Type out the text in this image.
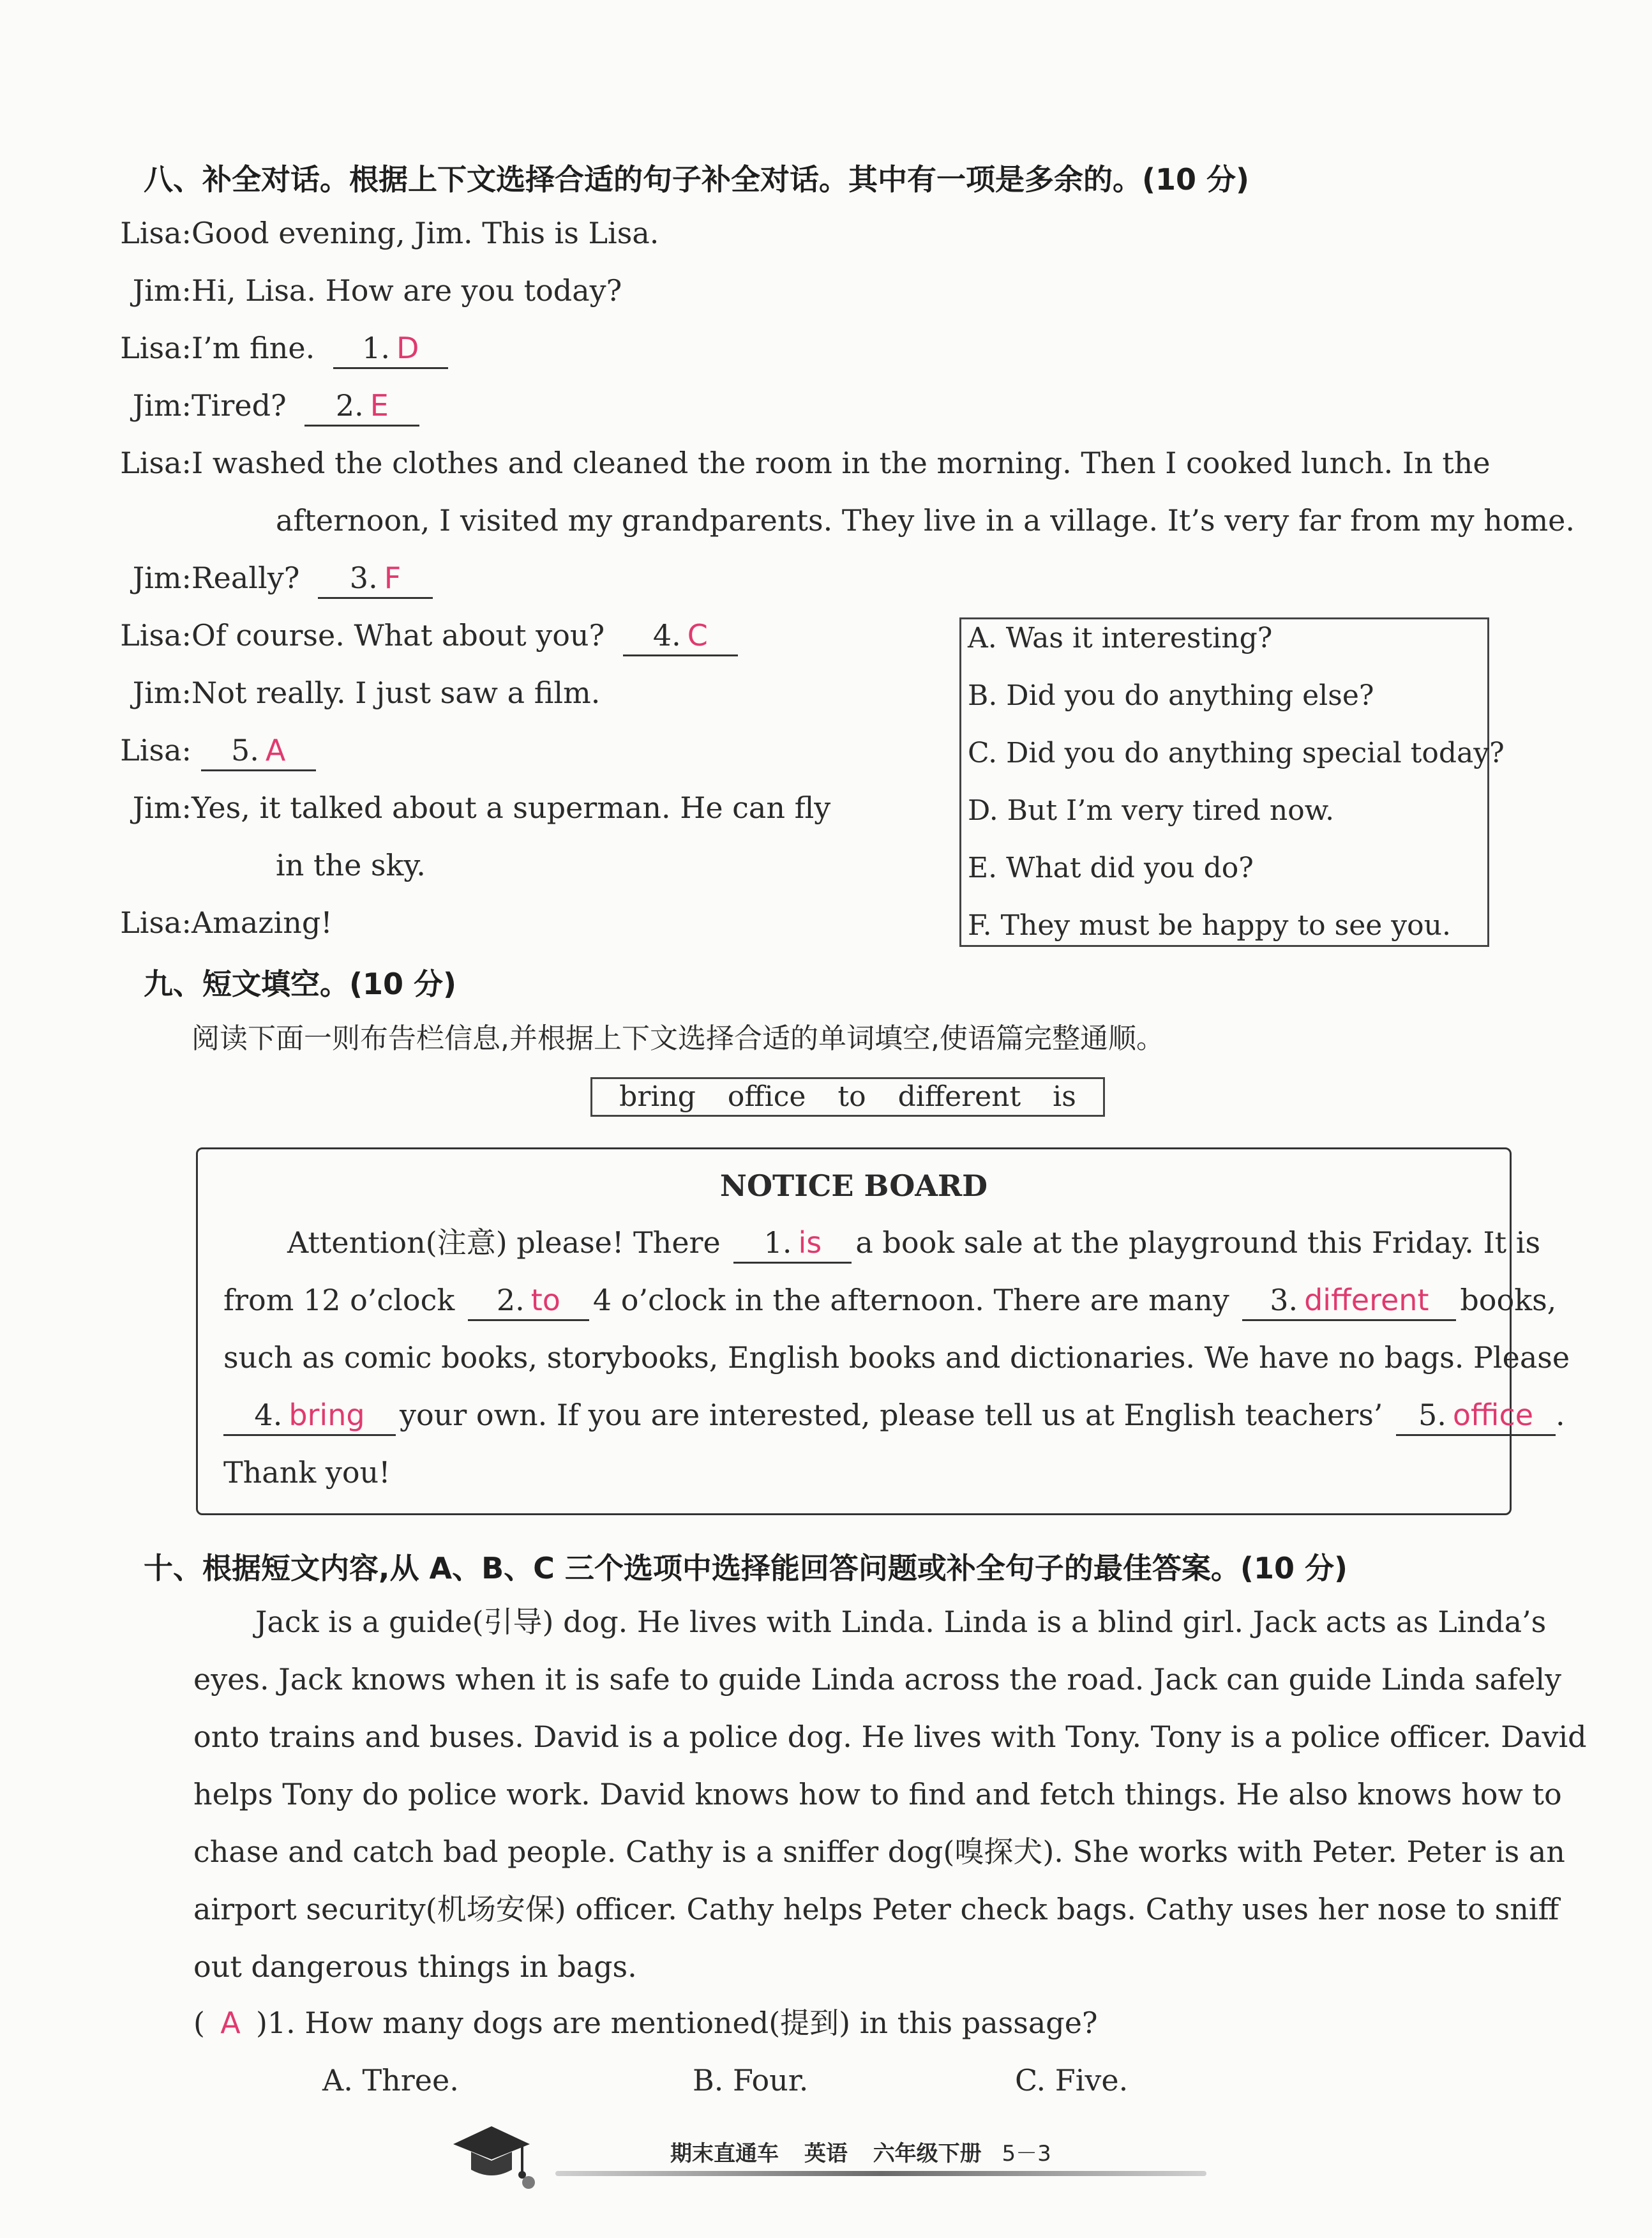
八、补全对话。根据上下文选择合适的句子补全对话。其中有一项是多余的。(10 分)
Lisa:Good evening, Jim. This is Lisa.
Jim:Hi, Lisa. How are you today?
Lisa:I’m fine. 1. D
Jim:Tired? 2. E
Lisa:I washed the clothes and cleaned the room in the morning. Then I cooked lunch. In the
afternoon, I visited my grandparents. They live in a village. It’s very far from my home.
Jim:Really? 3. F
Lisa:Of course. What about you? 4. C
Jim:Not really. I just saw a film.
Lisa: 5. A
Jim:Yes, it talked about a superman. He can fly
in the sky.
Lisa:Amazing!
A. Was it interesting?
B. Did you do anything else?
C. Did you do anything special today?
D. But I’m very tired now.
E. What did you do?
F. They must be happy to see you.
九、短文填空。(10 分)
阅读下面一则布告栏信息,并根据上下文选择合适的单词填空,使语篇完整通顺。
bring office to different is
NOTICE BOARD
Attention(注意) please! There 1. is a book sale at the playground this Friday. It is
from 12 o’clock 2. to 4 o’clock in the afternoon. There are many 3. different books,
such as comic books, storybooks, English books and dictionaries. We have no bags. Please
4. bring your own. If you are interested, please tell us at English teachers’ 5. office .
Thank you!
十、根据短文内容,从 A、B、C 三个选项中选择能回答问题或补全句子的最佳答案。(10 分)
Jack is a guide(引导) dog. He lives with Linda. Linda is a blind girl. Jack acts as Linda’s
eyes. Jack knows when it is safe to guide Linda across the road. Jack can guide Linda safely
onto trains and buses. David is a police dog. He lives with Tony. Tony is a police officer. David
helps Tony do police work. David knows how to find and fetch things. He also knows how to
chase and catch bad people. Cathy is a sniffer dog(嗅探犬). She works with Peter. Peter is an
airport security(机场安保) officer. Cathy helps Peter check bags. Cathy uses her nose to sniff
out dangerous things in bags.
( A )1. How many dogs are mentioned(提到) in this passage?
A. Three.	B. Four.	C. Five.
期末直通车 英语 六年级下册 5－3
